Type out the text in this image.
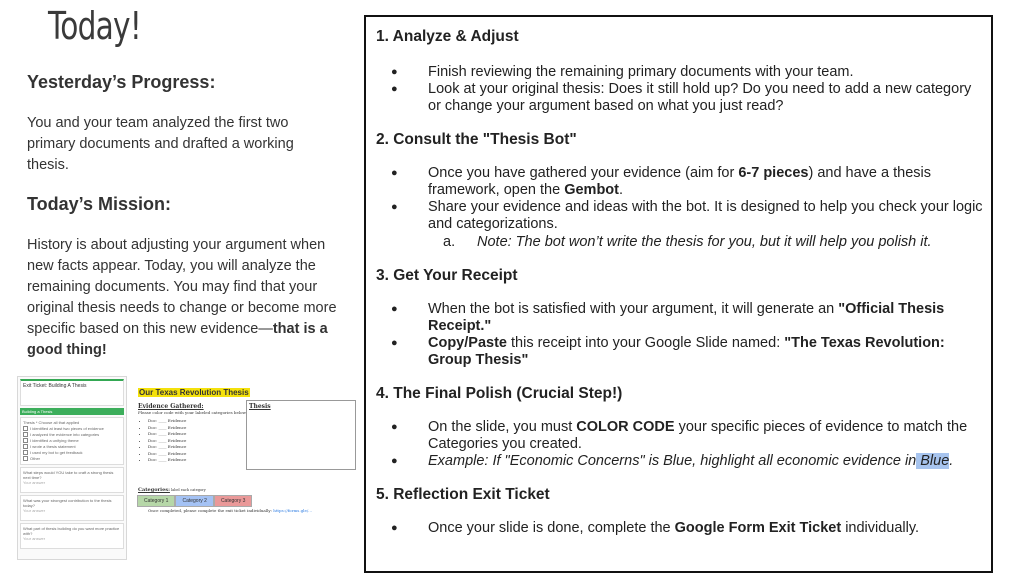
Today!
Yesterday’s Progress:

You and your team analyzed the first two primary documents and drafted a working thesis.

Today’s Mission:

History is about adjusting your argument when new facts appear. Today, you will analyze the remaining documents. You may find that your original thesis needs to change or become more specific based on this new evidence—that is a good thing!

Exit Ticket: Building A Thesis
Building a Thesis
Thesis * Choose all that applied
I identified at least two pieces of evidence
I analyzed the evidence into categories
I identified a unifying theme
I wrote a thesis statement
I used my bot to get feedback
Other
What steps would YOU take to craft a strong thesis next time?
Your answer
What was your strongest contribution to the thesis today?
Your answer
What part of thesis building do you want more practice with?
Your answer
Our Texas Revolution Thesis
Evidence Gathered:
Please color code with your labeled categories below
• Doc: ____ Evidence
• Doc: ____ Evidence
• Doc: ____ Evidence
• Doc: ____ Evidence
• Doc: ____ Evidence
• Doc: ____ Evidence
• Doc: ____ Evidence
Thesis
Categories: label each category
Category 1	Category 2	Category 3
Once completed, please complete the exit ticket individually: https://forms.gle/...
1. Analyze & Adjust
●	Finish reviewing the remaining primary documents with your team.
●	Look at your original thesis: Does it still hold up? Do you need to add a new category or change your argument based on what you just read?
2. Consult the "Thesis Bot"
●	Once you have gathered your evidence (aim for 6-7 pieces) and have a thesis framework, open the Gembot.
●	Share your evidence and ideas with the bot. It is designed to help you check your logic and categorizations.
a. Note: The bot won’t write the thesis for you, but it will help you polish it.
3. Get Your Receipt
●	When the bot is satisfied with your argument, it will generate an "Official Thesis Receipt."
●	Copy/Paste this receipt into your Google Slide named: "The Texas Revolution: Group Thesis"
4. The Final Polish (Crucial Step!)
●	On the slide, you must COLOR CODE your specific pieces of evidence to match the Categories you created.
●	Example: If "Economic Concerns" is Blue, highlight all economic evidence in Blue.
5. Reflection Exit Ticket
●	Once your slide is done, complete the Google Form Exit Ticket individually.
